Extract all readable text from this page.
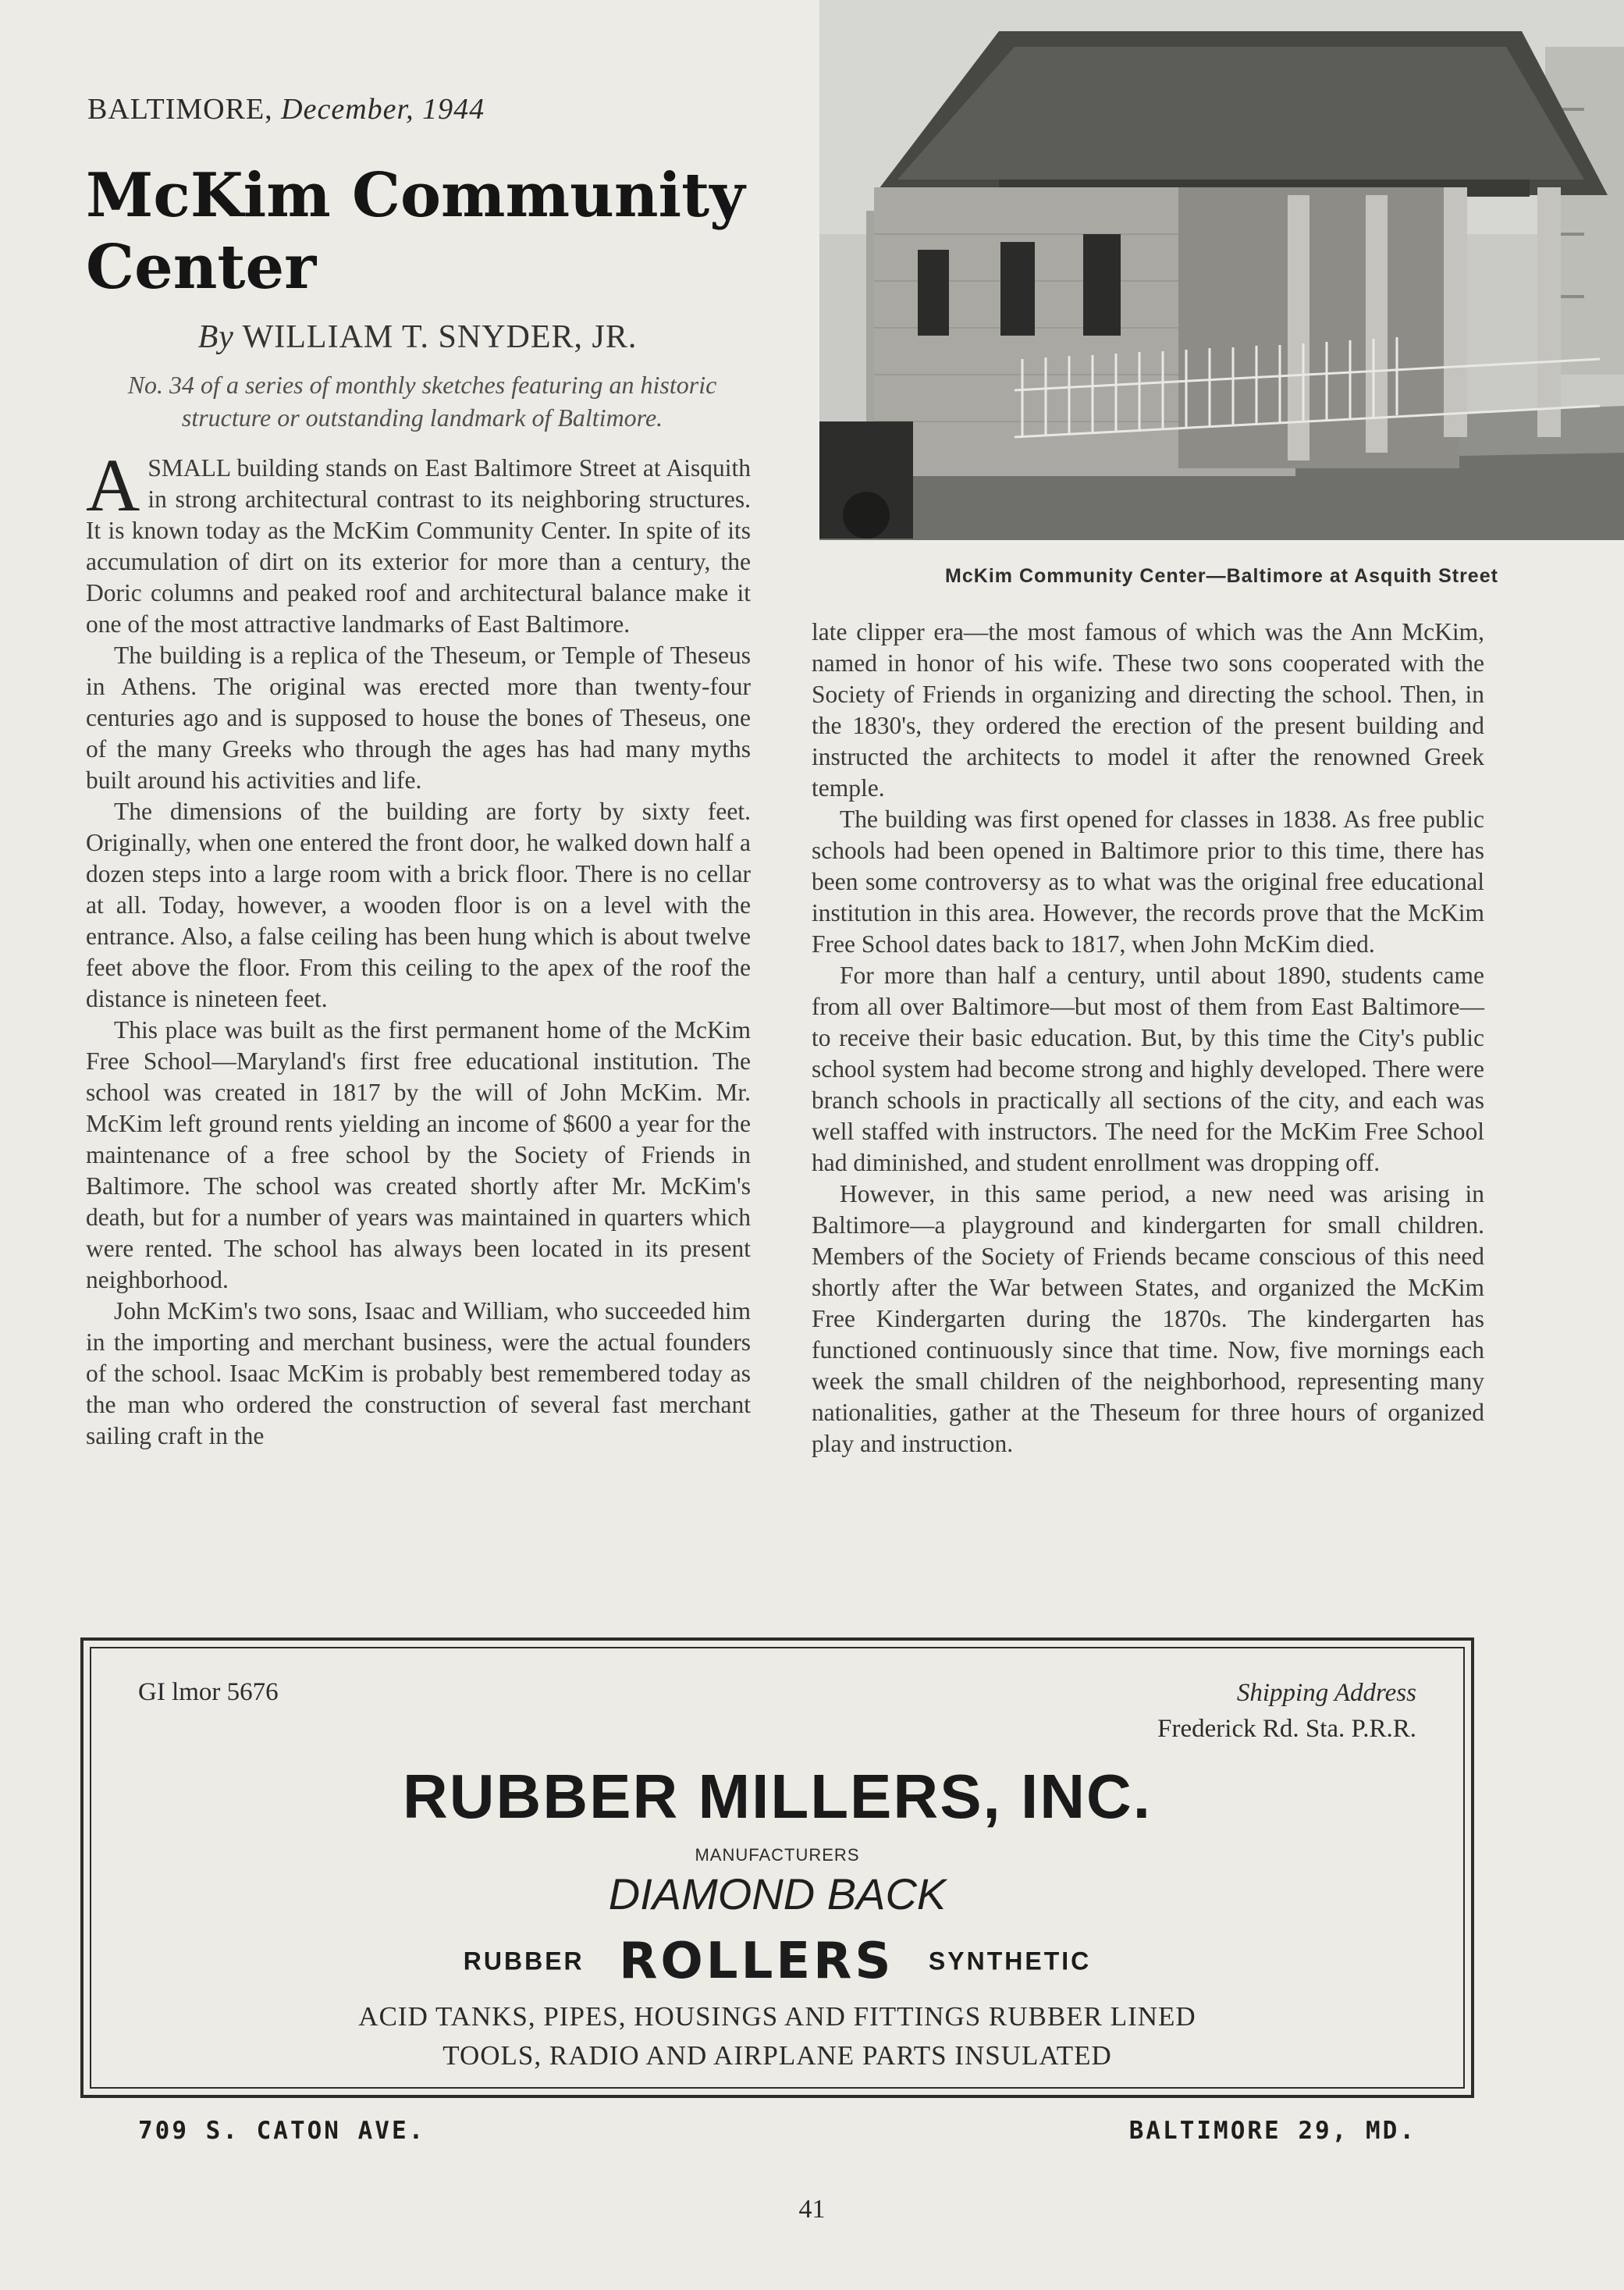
BALTIMORE, December, 1944
McKim Community Center
By WILLIAM T. SNYDER, JR.
No. 34 of a series of monthly sketches featuring an historic structure or outstanding landmark of Baltimore.

ASMALL building stands on East Baltimore Street at Aisquith in strong architectural contrast to its neighboring structures. It is known today as the McKim Community Center. In spite of its accumulation of dirt on its exterior for more than a century, the Doric columns and peaked roof and architectural balance make it one of the most attractive landmarks of East Baltimore.

The building is a replica of the Theseum, or Temple of Theseus in Athens. The original was erected more than twenty-four centuries ago and is supposed to house the bones of Theseus, one of the many Greeks who through the ages has had many myths built around his activities and life.

The dimensions of the building are forty by sixty feet. Originally, when one entered the front door, he walked down half a dozen steps into a large room with a brick floor. There is no cellar at all. Today, however, a wooden floor is on a level with the entrance. Also, a false ceiling has been hung which is about twelve feet above the floor. From this ceiling to the apex of the roof the distance is nineteen feet.

This place was built as the first permanent home of the McKim Free School—Maryland's first free educational institution. The school was created in 1817 by the will of John McKim. Mr. McKim left ground rents yielding an income of $600 a year for the maintenance of a free school by the Society of Friends in Baltimore. The school was created shortly after Mr. McKim's death, but for a number of years was maintained in quarters which were rented. The school has always been located in its present neighborhood.

John McKim's two sons, Isaac and William, who succeeded him in the importing and merchant business, were the actual founders of the school. Isaac McKim is probably best remembered today as the man who ordered the construction of several fast merchant sailing craft in the

McKim Community Center—Baltimore at Asquith Street

late clipper era—the most famous of which was the Ann McKim, named in honor of his wife. These two sons cooperated with the Society of Friends in organizing and directing the school. Then, in the 1830's, they ordered the erection of the present building and instructed the architects to model it after the renowned Greek temple.

The building was first opened for classes in 1838. As free public schools had been opened in Baltimore prior to this time, there has been some controversy as to what was the original free educational institution in this area. However, the records prove that the McKim Free School dates back to 1817, when John McKim died.

For more than half a century, until about 1890, students came from all over Baltimore—but most of them from East Baltimore—to receive their basic education. But, by this time the City's public school system had become strong and highly developed. There were branch schools in practically all sections of the city, and each was well staffed with instructors. The need for the McKim Free School had diminished, and student enrollment was dropping off.

However, in this same period, a new need was arising in Baltimore—a playground and kindergarten for small children. Members of the Society of Friends became conscious of this need shortly after the War between States, and organized the McKim Free Kindergarten during the 1870s. The kindergarten has functioned continuously since that time. Now, five mornings each week the small children of the neighborhood, representing many nationalities, gather at the Theseum for three hours of organized play and instruction.

GI lmor 5676	Shipping Address
Frederick Rd. Sta. P.R.R.
RUBBER MILLERS, INC.
MANUFACTURERS
DIAMOND BACK
RUBBER ROLLERS SYNTHETIC
ACID TANKS, PIPES, HOUSINGS AND FITTINGS RUBBER LINED
TOOLS, RADIO AND AIRPLANE PARTS INSULATED
709 S. CATON AVE.	BALTIMORE 29, MD.
41
